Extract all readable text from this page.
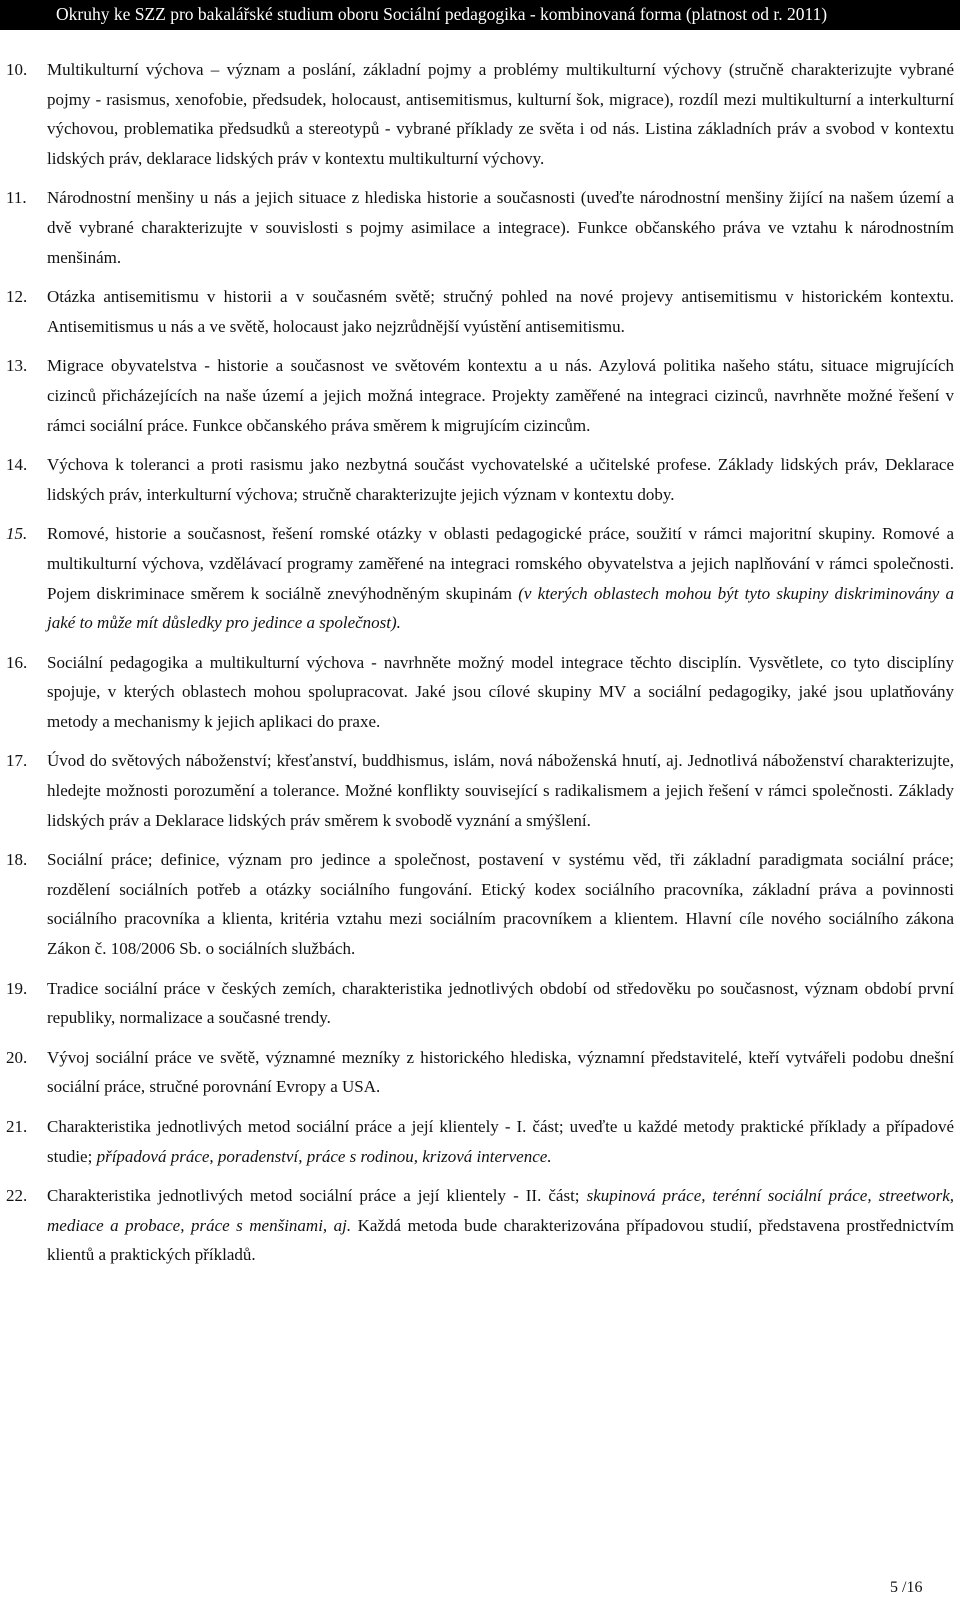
Okruhy ke SZZ pro bakalářské studium oboru Sociální pedagogika - kombinovaná forma (platnost od r. 2011)
10. Multikulturní výchova – význam a poslání, základní pojmy a problémy multikulturní výchovy (stručně charakterizujte vybrané pojmy - rasismus, xenofobie, předsudek, holocaust, antisemitismus, kulturní šok, migrace), rozdíl mezi multikulturní a interkulturní výchovou, problematika předsudků a stereotypů - vybrané příklady ze světa i od nás. Listina základních práv a svobod v kontextu lidských práv, deklarace lidských práv v kontextu multikulturní výchovy.
11. Národnostní menšiny u nás a jejich situace z hlediska historie a současnosti (uveďte národnostní menšiny žijící na našem území a dvě vybrané charakterizujte v souvislosti s pojmy asimilace a integrace). Funkce občanského práva ve vztahu k národnostním menšinám.
12. Otázka antisemitismu v historii a v současném světě; stručný pohled na nové projevy antisemitismu v historickém kontextu. Antisemitismus u nás a ve světě, holocaust jako nejzrůdnější vyústění antisemitismu.
13. Migrace obyvatelstva - historie a současnost ve světovém kontextu a u nás. Azylová politika našeho státu, situace migrujících cizinců přicházejících na naše území a jejich možná integrace. Projekty zaměřené na integraci cizinců, navrhněte možné řešení v rámci sociální práce. Funkce občanského práva směrem k migrujícím cizincům.
14. Výchova k toleranci a proti rasismu jako nezbytná součást vychovatelské a učitelské profese. Základy lidských práv, Deklarace lidských práv, interkulturní výchova; stručně charakterizujte jejich význam v kontextu doby.
15. Romové, historie a současnost, řešení romské otázky v oblasti pedagogické práce, soužití v rámci majoritní skupiny. Romové a multikulturní výchova, vzdělávací programy zaměřené na integraci romského obyvatelstva a jejich naplňování v rámci společnosti. Pojem diskriminace směrem k sociálně znevýhodněným skupinám (v kterých oblastech mohou být tyto skupiny diskriminovány a jaké to může mít důsledky pro jedince a společnost).
16. Sociální pedagogika a multikulturní výchova - navrhněte možný model integrace těchto disciplín. Vysvětlete, co tyto disciplíny spojuje, v kterých oblastech mohou spolupracovat. Jaké jsou cílové skupiny MV a sociální pedagogiky, jaké jsou uplatňovány metody a mechanismy k jejich aplikaci do praxe.
17. Úvod do světových náboženství; křesťanství, buddhismus, islám, nová náboženská hnutí, aj. Jednotlivá náboženství charakterizujte, hledejte možnosti porozumění a tolerance. Možné konflikty související s radikalismem a jejich řešení v rámci společnosti. Základy lidských práv a Deklarace lidských práv směrem k svobodě vyznání a smýšlení.
18. Sociální práce; definice, význam pro jedince a společnost, postavení v systému věd, tři základní paradigmata sociální práce; rozdělení sociálních potřeb a otázky sociálního fungování. Etický kodex sociálního pracovníka, základní práva a povinnosti sociálního pracovníka a klienta, kritéria vztahu mezi sociálním pracovníkem a klientem. Hlavní cíle nového sociálního zákona Zákon č. 108/2006 Sb. o sociálních službách.
19. Tradice sociální práce v českých zemích, charakteristika jednotlivých období od středověku po současnost, význam období první republiky, normalizace a současné trendy.
20. Vývoj sociální práce ve světě, významné mezníky z historického hlediska, významní představitelé, kteří vytvářeli podobu dnešní sociální práce, stručné porovnání Evropy a USA.
21. Charakteristika jednotlivých metod sociální práce a její klientely - I. část; uveďte u každé metody praktické příklady a případové studie; případová práce, poradenství, práce s rodinou, krizová intervence.
22. Charakteristika jednotlivých metod sociální práce a její klientely - II. část; skupinová práce, terénní sociální práce, streetwork, mediace a probace, práce s menšinami, aj. Každá metoda bude charakterizována případovou studií, představena prostřednictvím klientů a praktických příkladů.
5 /16
